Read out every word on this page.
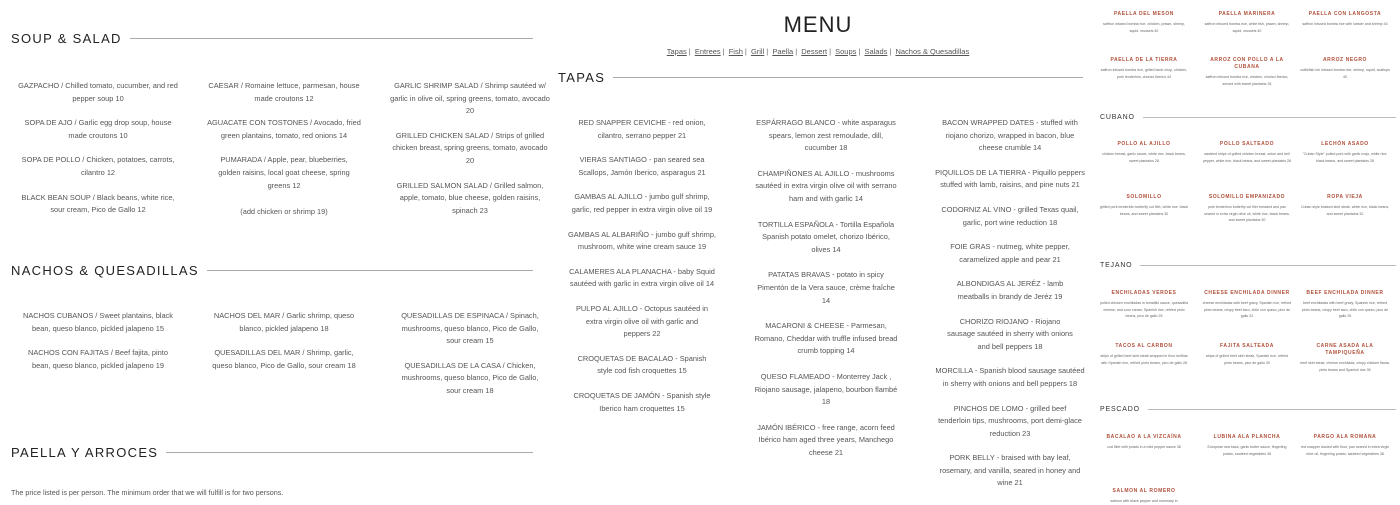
SOUP & SALAD
GAZPACHO / Chilled tomato, cucumber, and red pepper soup 10
SOPA DE AJO / Garlic egg drop soup, house made croutons 10
SOPA DE POLLO / Chicken, potatoes, carrots, cilantro 12
BLACK BEAN SOUP / Black beans, white rice, sour cream, Pico de Gallo 12
CAESAR / Romaine lettuce, parmesan, house made croutons 12
AGUACATE CON TOSTONES / Avocado, fried green plantains, tomato, red onions 14
PUMARADA / Apple, pear, blueberries, golden raisins, local goat cheese, spring greens 12
(add chicken or shrimp 19)
GARLIC SHRIMP SALAD / Shrimp sautéed w/ garlic in olive oil, spring greens, tomato, avocado 20
GRILLED CHICKEN SALAD / Strips of grilled chicken breast, spring greens, tomato, avocado 20
GRILLED SALMON SALAD / Grilled salmon, apple, tomato, blue cheese, golden raisins, spinach 23
NACHOS & QUESADILLAS
NACHOS CUBANOS / Sweet plantains, black bean, queso blanco, pickled jalapeno 15
NACHOS CON FAJITAS / Beef fajita, pinto bean, queso blanco, pickled jalapeno 19
NACHOS DEL MAR / Garlic shrimp, queso blanco, pickled jalapeno 18
QUESADILLAS DEL MAR / Shrimp, garlic, queso blanco, Pico de Gallo, sour cream 18
QUESADILLAS DE ESPINACA / Spinach, mushrooms, queso blanco, Pico de Gallo, sour cream 15
QUESADILLAS DE LA CASA / Chicken, mushrooms, queso blanco, Pico de Gallo, sour cream 18
PAELLA Y ARROCES
The price listed is per person. The minimum order that we will fulfill is for two persons.
MENU
Tapas | Entrees | Fish | Grill | Paella | Dessert | Soups | Salads | Nachos & Quesadillas
TAPAS
RED SNAPPER CEVICHE - red onion, cilantro, serrano pepper 21
VIERAS SANTIAGO - pan seared sea Scallops, Jamón Iberico, asparagus 21
GAMBAS AL AJILLO - jumbo gulf shrimp, garlic, red pepper in extra virgin olive oil 19
GAMBAS AL ALBARIÑO - jumbo gulf shrimp, mushroom, white wine cream sauce 19
CALAMERES ALA PLANACHA - baby Squid sautéed with garlic in extra virgin olive oil 14
PULPO AL AJILLO - Octopus sautéed in extra virgin olive oil with garlic and peppers 22
CROQUETAS DE BACALAO - Spanish style cod fish croquettes 15
CROQUETAS DE JAMÓN - Spanish style Iberico ham croquettes 15
ESPÁRRAGO BLANCO - white asparagus spears, lemon zest remoulade, dill, cucumber 18
CHAMPIÑONES AL AJILLO - mushrooms sautéed in extra virgin olive oil with serrano ham and with garlic 14
TORTILLA ESPAÑOLA - Tortilla Española Spanish potato omelet, chorizo Ibérico, olives 14
PATATAS BRAVAS - potato in spicy Pimentón de la Vera sauce, crème fraîche 14
MACARONI & CHEESE - Parmesan, Romano, Cheddar with truffle infused bread crumb topping 14
QUESO FLAMEADO - Monterrey Jack , Riojano sausage, jalapeno, bourbon flambé 18
JAMÓN IBÉRICO - free range, acorn feed Ibérico ham aged three years, Manchego cheese 21
BACON WRAPPED DATES - stuffed with riojano chorizo, wrapped in bacon, blue cheese crumble 14
PIQUILLOS DE LA TIERRA - Piquillo peppers stuffed with lamb, raisins, and pine nuts 21
CODORNIZ AL VINO - grilled Texas quail, garlic, port wine reduction 18
FOIE GRAS - nutmeg, white pepper, caramelized apple and pear 21
ALBONDIGAS AL JERÉZ - lamb meatballs in brandy de Jeréz 19
CHORIZO RIOJANO - Riojano sausage sautéed in sherry with onions and bell peppers 18
MORCILLA - Spanish blood sausage sautéed in sherry with onions and bell peppers 18
PINCHOS DE LOMO - grilled beef tenderloin tips, mushrooms, port demi-glace reduction 23
PORK BELLY - braised with bay leaf, rosemary, and vanilla, seared in honey and wine 21
PAELLA DEL MESON
saffron infused bomba rice, chicken, prawn, shrimp, squid, mussels 40
PAELLA MARINERA
saffron infused bomba rice, white fish, prawn, shrimp, squid, mussels 40
PAELLA CON LANGOSTA
saffron infused bomba rice with lobster and shrimp 44
PAELLA DE LA TIERRA
saffron infused bomba rice, grilled lamb chop, chicken, pork tenderloin, chorizo Iberico 44
ARROZ CON POLLO A LA CUBANA
saffron infused bomba rice, chicken, chorizo Iberico, served with sweet plantains 34
ARROZ NEGRO
cuttlefish ink infused bomba rice, shrimp, squid, scallops 40
CUBANO
POLLO AL AJILLO
chicken breast, garlic sauce, white rice, black beans, sweet plantains 28
POLLO SALTEADO
sautéed strips of grilled chicken breast, onion and bell pepper, white rice, black beans, and sweet plantains 28
LECHÓN ASADO
"Cuban Style" pulled pork with garlic mojo, white rice, black beans, and sweet plantains 28
SOLOMILLO
grilled pork tenderloin butterfly cut filet, white rice, black beans, and sweet plantains 30
SOLOMILLO EMPANIZADO
pork tenderloin butterfly cut filet breaded and pan seared in extra virgin olive oil, white rice, black beans, and sweet plantains 30
ROPA VIEJA
Cuban style braised skirt steak, white rice, black beans, and sweet plantains 32
TEJANO
ENCHILADAS VERDES
pulled chicken enchiladas in tomatillo sauce, quesadilla cheese, and sour cream, Spanish rice, refried pinto beans, pico de gallo 25
CHEESE ENCHILADA DINNER
cheese enchiladas with beef gravy, Spanish rice, refried pinto beans, crispy beef taco, chile con queso, pico de gallo 22
BEEF ENCHILADA DINNER
beef enchiladas with beef gravy, Spanish rice, refried pinto beans, crispy beef taco, chile con queso, pico de gallo 25
TACOS AL CARBON
strips of grilled beef skirt steak wrapped in flour tortillas with Spanish rice, refried pinto beans, pico de gallo 28
FAJITA SALTEADA
strips of grilled beef skirt steak, Spanish rice, refried pinto beans, pico de gallo 30
CARNE ASADA ALA TAMPIQUEÑA
beef skirt steak, cheese enchilada, crispy chicken flauta, pinto beans and Spanish rice 35
PESCADO
BACALAO A LA VIZCAÍNA
cod fillet with potato in a mild pepper sauce 36
LUBINA ALA PLANCHA
European sea bass, garlic butter sauce, fingerling potato, sautéed vegetables 36
PARGO ALA ROMANA
red snapper dusted with flour, pan seared in extra virgin olive oil, fingerling potato, sautéed vegetables 38
SALMON AL ROMERO
salmon with black pepper and rosemary in
